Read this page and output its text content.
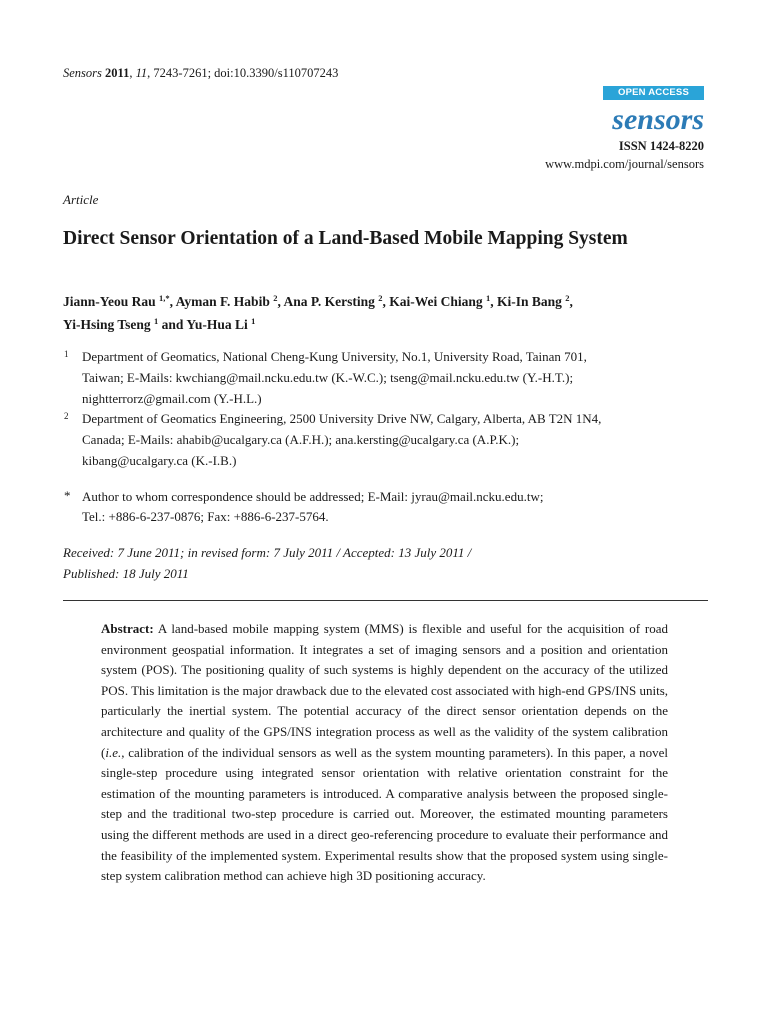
Sensors 2011, 11, 7243-7261; doi:10.3390/s110707243
OPEN ACCESS
sensors
ISSN 1424-8220
www.mdpi.com/journal/sensors
Article
Direct Sensor Orientation of a Land-Based Mobile Mapping System
Jiann-Yeou Rau $^{1,*}$, Ayman F. Habib $^2$, Ana P. Kersting $^2$, Kai-Wei Chiang $^1$, Ki-In Bang $^2$,
Yi-Hsing Tseng $^1$ and Yu-Hua Li $^1$
1 Department of Geomatics, National Cheng-Kung University, No.1, University Road, Tainan 701,
Taiwan; E-Mails: kwchiang@mail.ncku.edu.tw (K.-W.C.); tseng@mail.ncku.edu.tw (Y.-H.T.);
nightterrorz@gmail.com (Y.-H.L.)
2 Department of Geomatics Engineering, 2500 University Drive NW, Calgary, Alberta, AB T2N 1N4,
Canada; E-Mails: ahabib@ucalgary.ca (A.F.H.); ana.kersting@ucalgary.ca (A.P.K.);
kibang@ucalgary.ca (K.-I.B.)
* Author to whom correspondence should be addressed; E-Mail: jyrau@mail.ncku.edu.tw;
Tel.: +886-6-237-0876; Fax: +886-6-237-5764.
Received: 7 June 2011; in revised form: 7 July 2011 / Accepted: 13 July 2011 /
Published: 18 July 2011
Abstract: A land-based mobile mapping system (MMS) is flexible and useful for the acquisition of road environment geospatial information. It integrates a set of imaging sensors and a position and orientation system (POS). The positioning quality of such systems is highly dependent on the accuracy of the utilized POS. This limitation is the major drawback due to the elevated cost associated with high-end GPS/INS units, particularly the inertial system. The potential accuracy of the direct sensor orientation depends on the architecture and quality of the GPS/INS integration process as well as the validity of the system calibration (i.e., calibration of the individual sensors as well as the system mounting parameters). In this paper, a novel single-step procedure using integrated sensor orientation with relative orientation constraint for the estimation of the mounting parameters is introduced. A comparative analysis between the proposed single-step and the traditional two-step procedure is carried out. Moreover, the estimated mounting parameters using the different methods are used in a direct geo-referencing procedure to evaluate their performance and the feasibility of the implemented system. Experimental results show that the proposed system using single-step system calibration method can achieve high 3D positioning accuracy.
